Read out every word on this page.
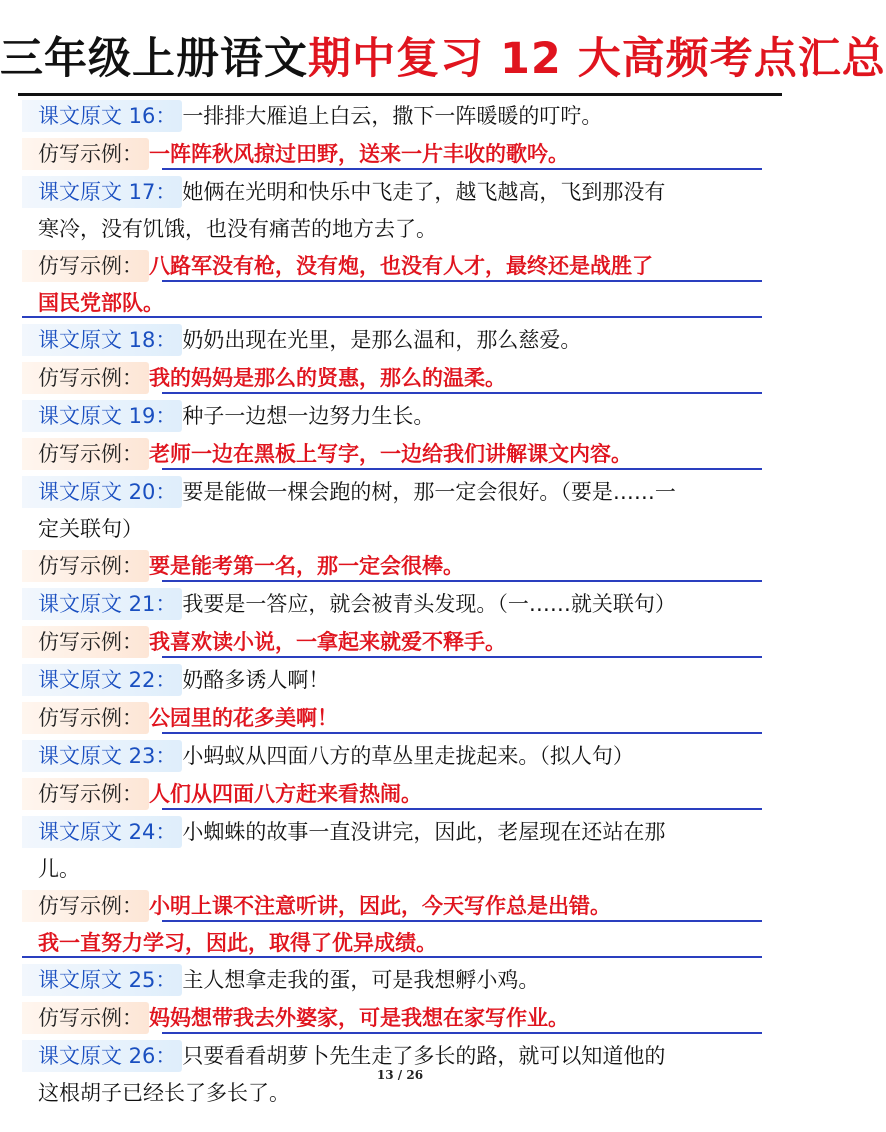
三年级上册语文期中复习 12 大高频考点汇总
课文原文 16： 一排排大雁追上白云，撒下一阵暖暖的叮咛。
仿写示例： 一阵阵秋风掠过田野，送来一片丰收的歌吟。
课文原文 17： 她俩在光明和快乐中飞走了，越飞越高，飞到那没有
寒冷，没有饥饿，也没有痛苦的地方去了。
仿写示例： 八路军没有枪，没有炮，也没有人才，最终还是战胜了
国民党部队。
课文原文 18： 奶奶出现在光里，是那么温和，那么慈爱。
仿写示例： 我的妈妈是那么的贤惠，那么的温柔。
课文原文 19： 种子一边想一边努力生长。
仿写示例： 老师一边在黑板上写字，一边给我们讲解课文内容。
课文原文 20： 要是能做一棵会跑的树，那一定会很好。（要是……一
定关联句）
仿写示例： 要是能考第一名，那一定会很棒。
课文原文 21： 我要是一答应，就会被青头发现。（一……就关联句）
仿写示例： 我喜欢读小说，一拿起来就爱不释手。
课文原文 22： 奶酪多诱人啊！
仿写示例： 公园里的花多美啊！
课文原文 23： 小蚂蚁从四面八方的草丛里走拢起来。（拟人句）
仿写示例： 人们从四面八方赶来看热闹。
课文原文 24： 小蜘蛛的故事一直没讲完，因此，老屋现在还站在那
儿。
仿写示例： 小明上课不注意听讲，因此，今天写作总是出错。
我一直努力学习，因此，取得了优异成绩。
课文原文 25： 主人想拿走我的蛋，可是我想孵小鸡。
仿写示例： 妈妈想带我去外婆家，可是我想在家写作业。
课文原文 26： 只要看看胡萝卜先生走了多长的路，就可以知道他的
这根胡子已经长了多长了。
13 / 26
